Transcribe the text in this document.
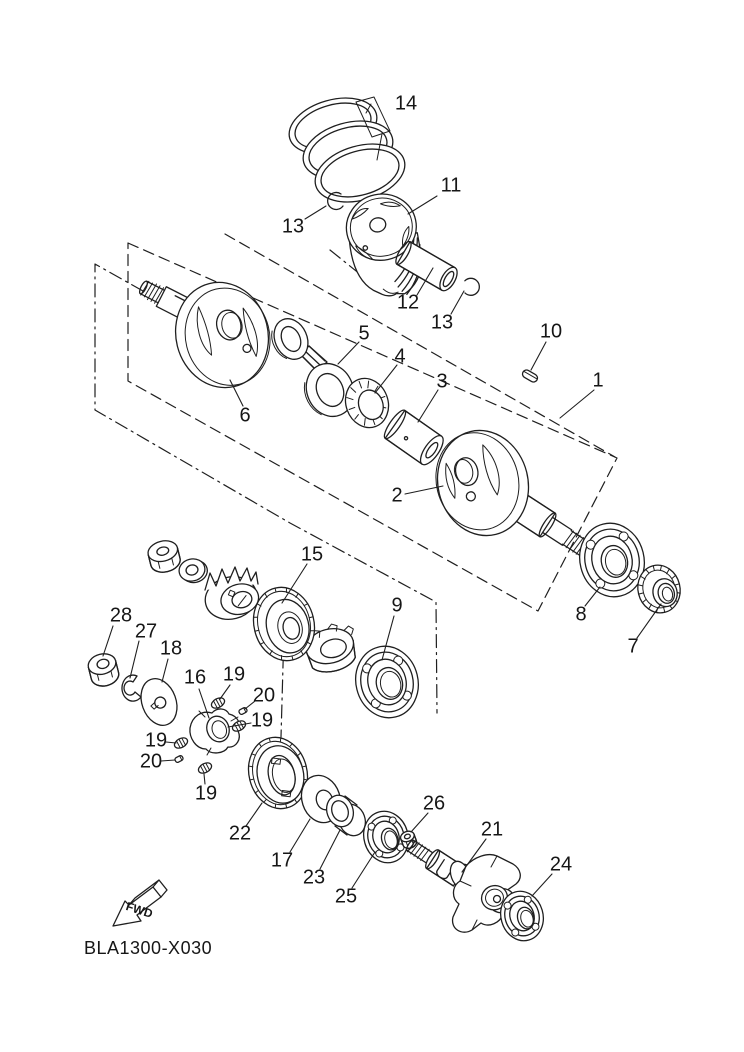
FWD
14
11
13
12
13
5
4
3
10
1
6
2
8
7
15
9
28
27
18
16 19
20
19
19
20
19
22
17
23
25
26
21
24
BLA1300-X030
